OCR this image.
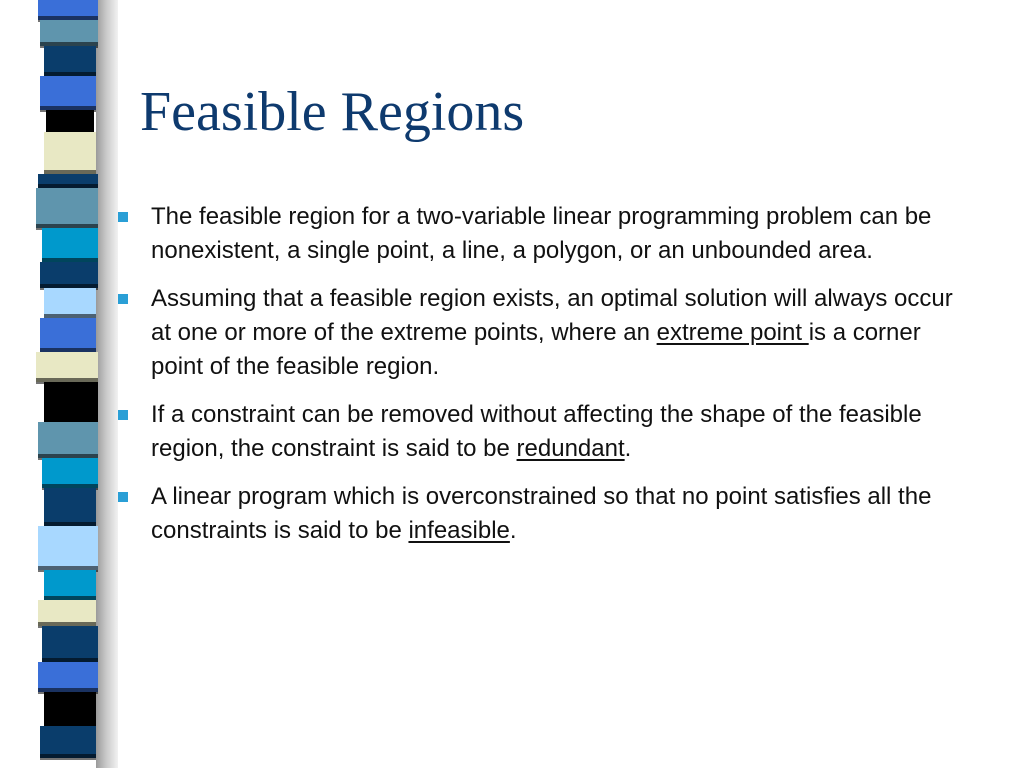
Feasible Regions
The feasible region for a two-variable linear programming problem can be nonexistent, a single point, a line, a polygon, or an unbounded area.
Assuming that a feasible region exists, an optimal solution will always occur at one or more of the extreme points, where an extreme point is a corner point of the feasible region.
If a constraint can be removed without affecting the shape of the feasible region, the constraint is said to be redundant.
A linear program which is overconstrained so that no point satisfies all the constraints is said to be infeasible.
